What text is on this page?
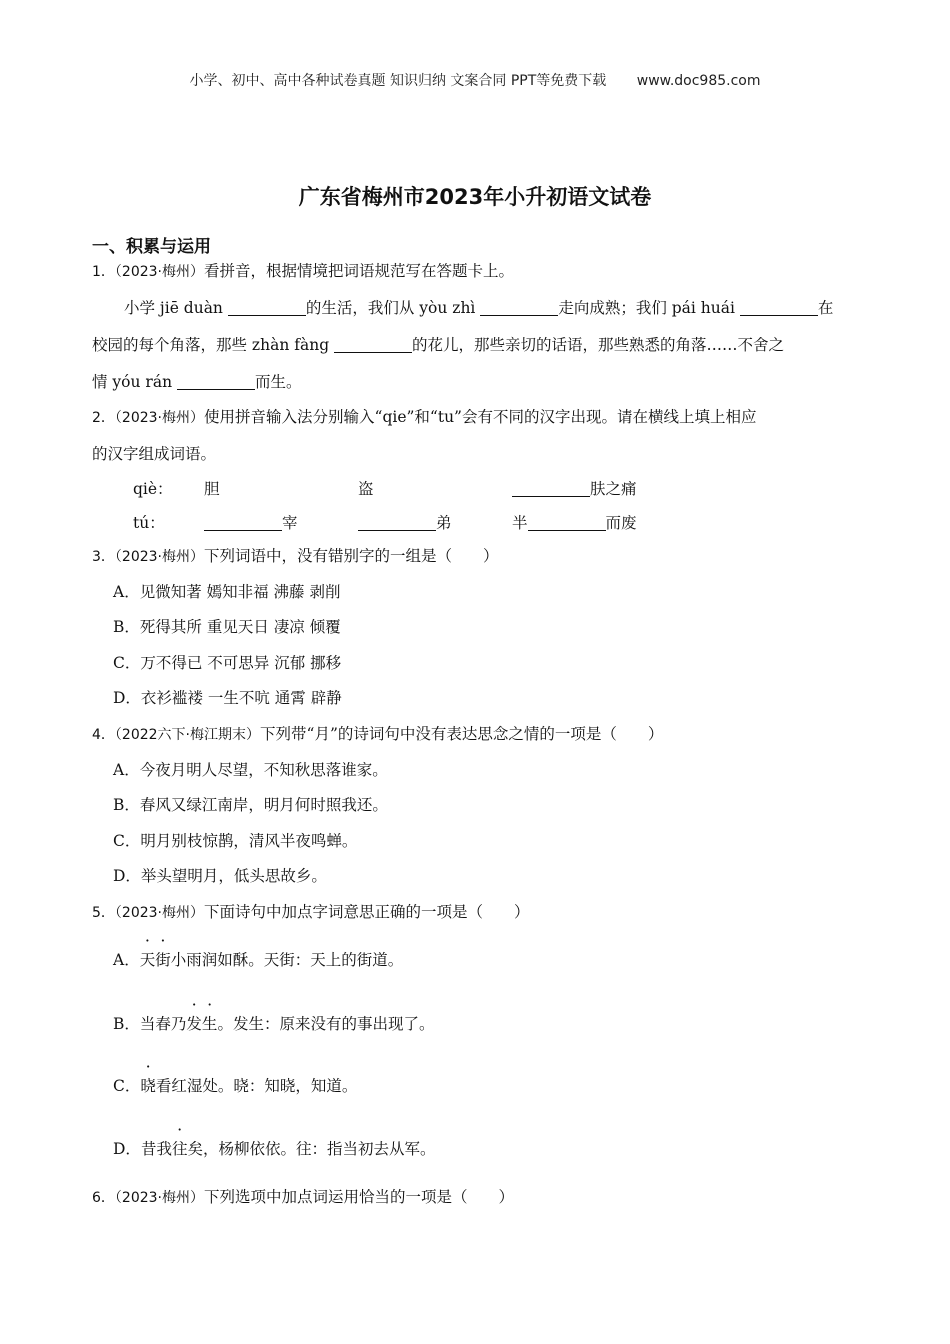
小学、初中、高中各种试卷真题 知识归纳 文案合同 PPT等免费下载 www.doc985.com
广东省梅州市2023年小升初语文试卷
一、积累与运用
1．（2023·梅州）看拼音，根据情境把词语规范写在答题卡上。
小学 jiē duàn	的生活，我们从 yòu zhì	走向成熟；我们 pái huái	在
校园的每个角落，那些 zhàn fàng	的花儿，那些亲切的话语，那些熟悉的角落……不舍之
情 yóu rán	而生。
2．（2023·梅州）使用拼音输入法分别输入“qie”和“tu”会有不同的汉字出现。请在横线上填上相应
的汉字组成词语。
qiè： 胆	盗	肤之痛
tú：	宰	弟	半	而废
3．（2023·梅州）下列词语中，没有错别字的一组是（　　）
A．见微知著 嫣知非福 沸藤 剥削
B．死得其所 重见天日 凄凉 倾覆
C．万不得已 不可思异 沉郁 挪移
D．衣衫褴褛 一生不吭 通霄 辟静
4．（2022六下·梅江期末）下列带“月”的诗词句中没有表达思念之情的一项是（　　）
A．今夜月明人尽望，不知秋思落谁家。
B．春风又绿江南岸，明月何时照我还。
C．明月别枝惊鹊，清风半夜鸣蝉。
D．举头望明月，低头思故乡。
5．（2023·梅州）下面诗句中加点字词意思正确的一项是（　　）
A．天街小雨润如酥。天街：天上的街道。
B．当春乃发生。发生：原来没有的事出现了。
C．晓看红湿处。晓：知晓，知道。
D．昔我往矣，杨柳依依。往：指当初去从军。
6．（2023·梅州）下列选项中加点词运用恰当的一项是（　　）
